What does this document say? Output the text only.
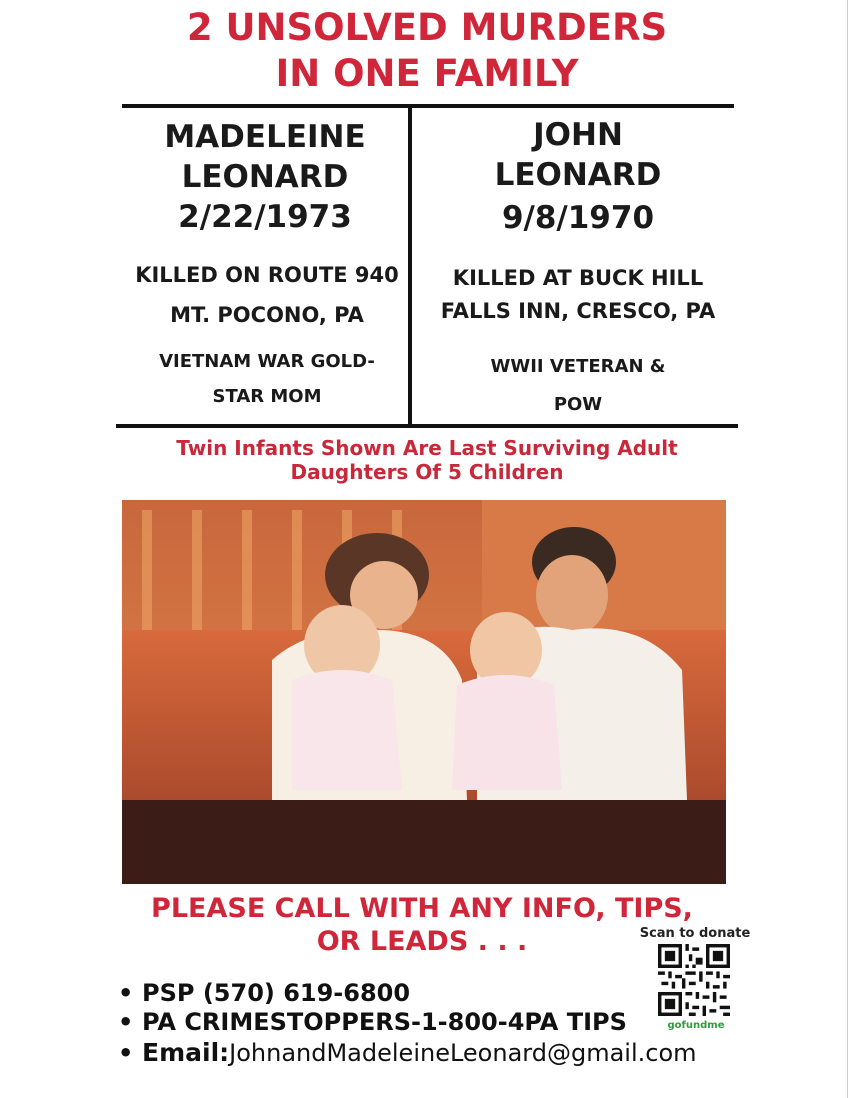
2 UNSOLVED MURDERS
IN ONE FAMILY
MADELEINE
LEONARD
2/22/1973
KILLED ON ROUTE 940
MT. POCONO, PA
VIETNAM WAR GOLD-
STAR MOM
JOHN
LEONARD
9/8/1970
KILLED AT BUCK HILL
FALLS INN, CRESCO, PA
WWII VETERAN &
POW
Twin Infants Shown Are Last Surviving Adult
Daughters Of 5 Children
PLEASE CALL WITH ANY INFO, TIPS,
OR LEADS . . .	Scan to donate
gofundme
• PSP (570) 619-6800
• PA CRIMESTOPPERS-1-800-4PA TIPS
• Email:JohnandMadeleineLeonard@gmail.com
